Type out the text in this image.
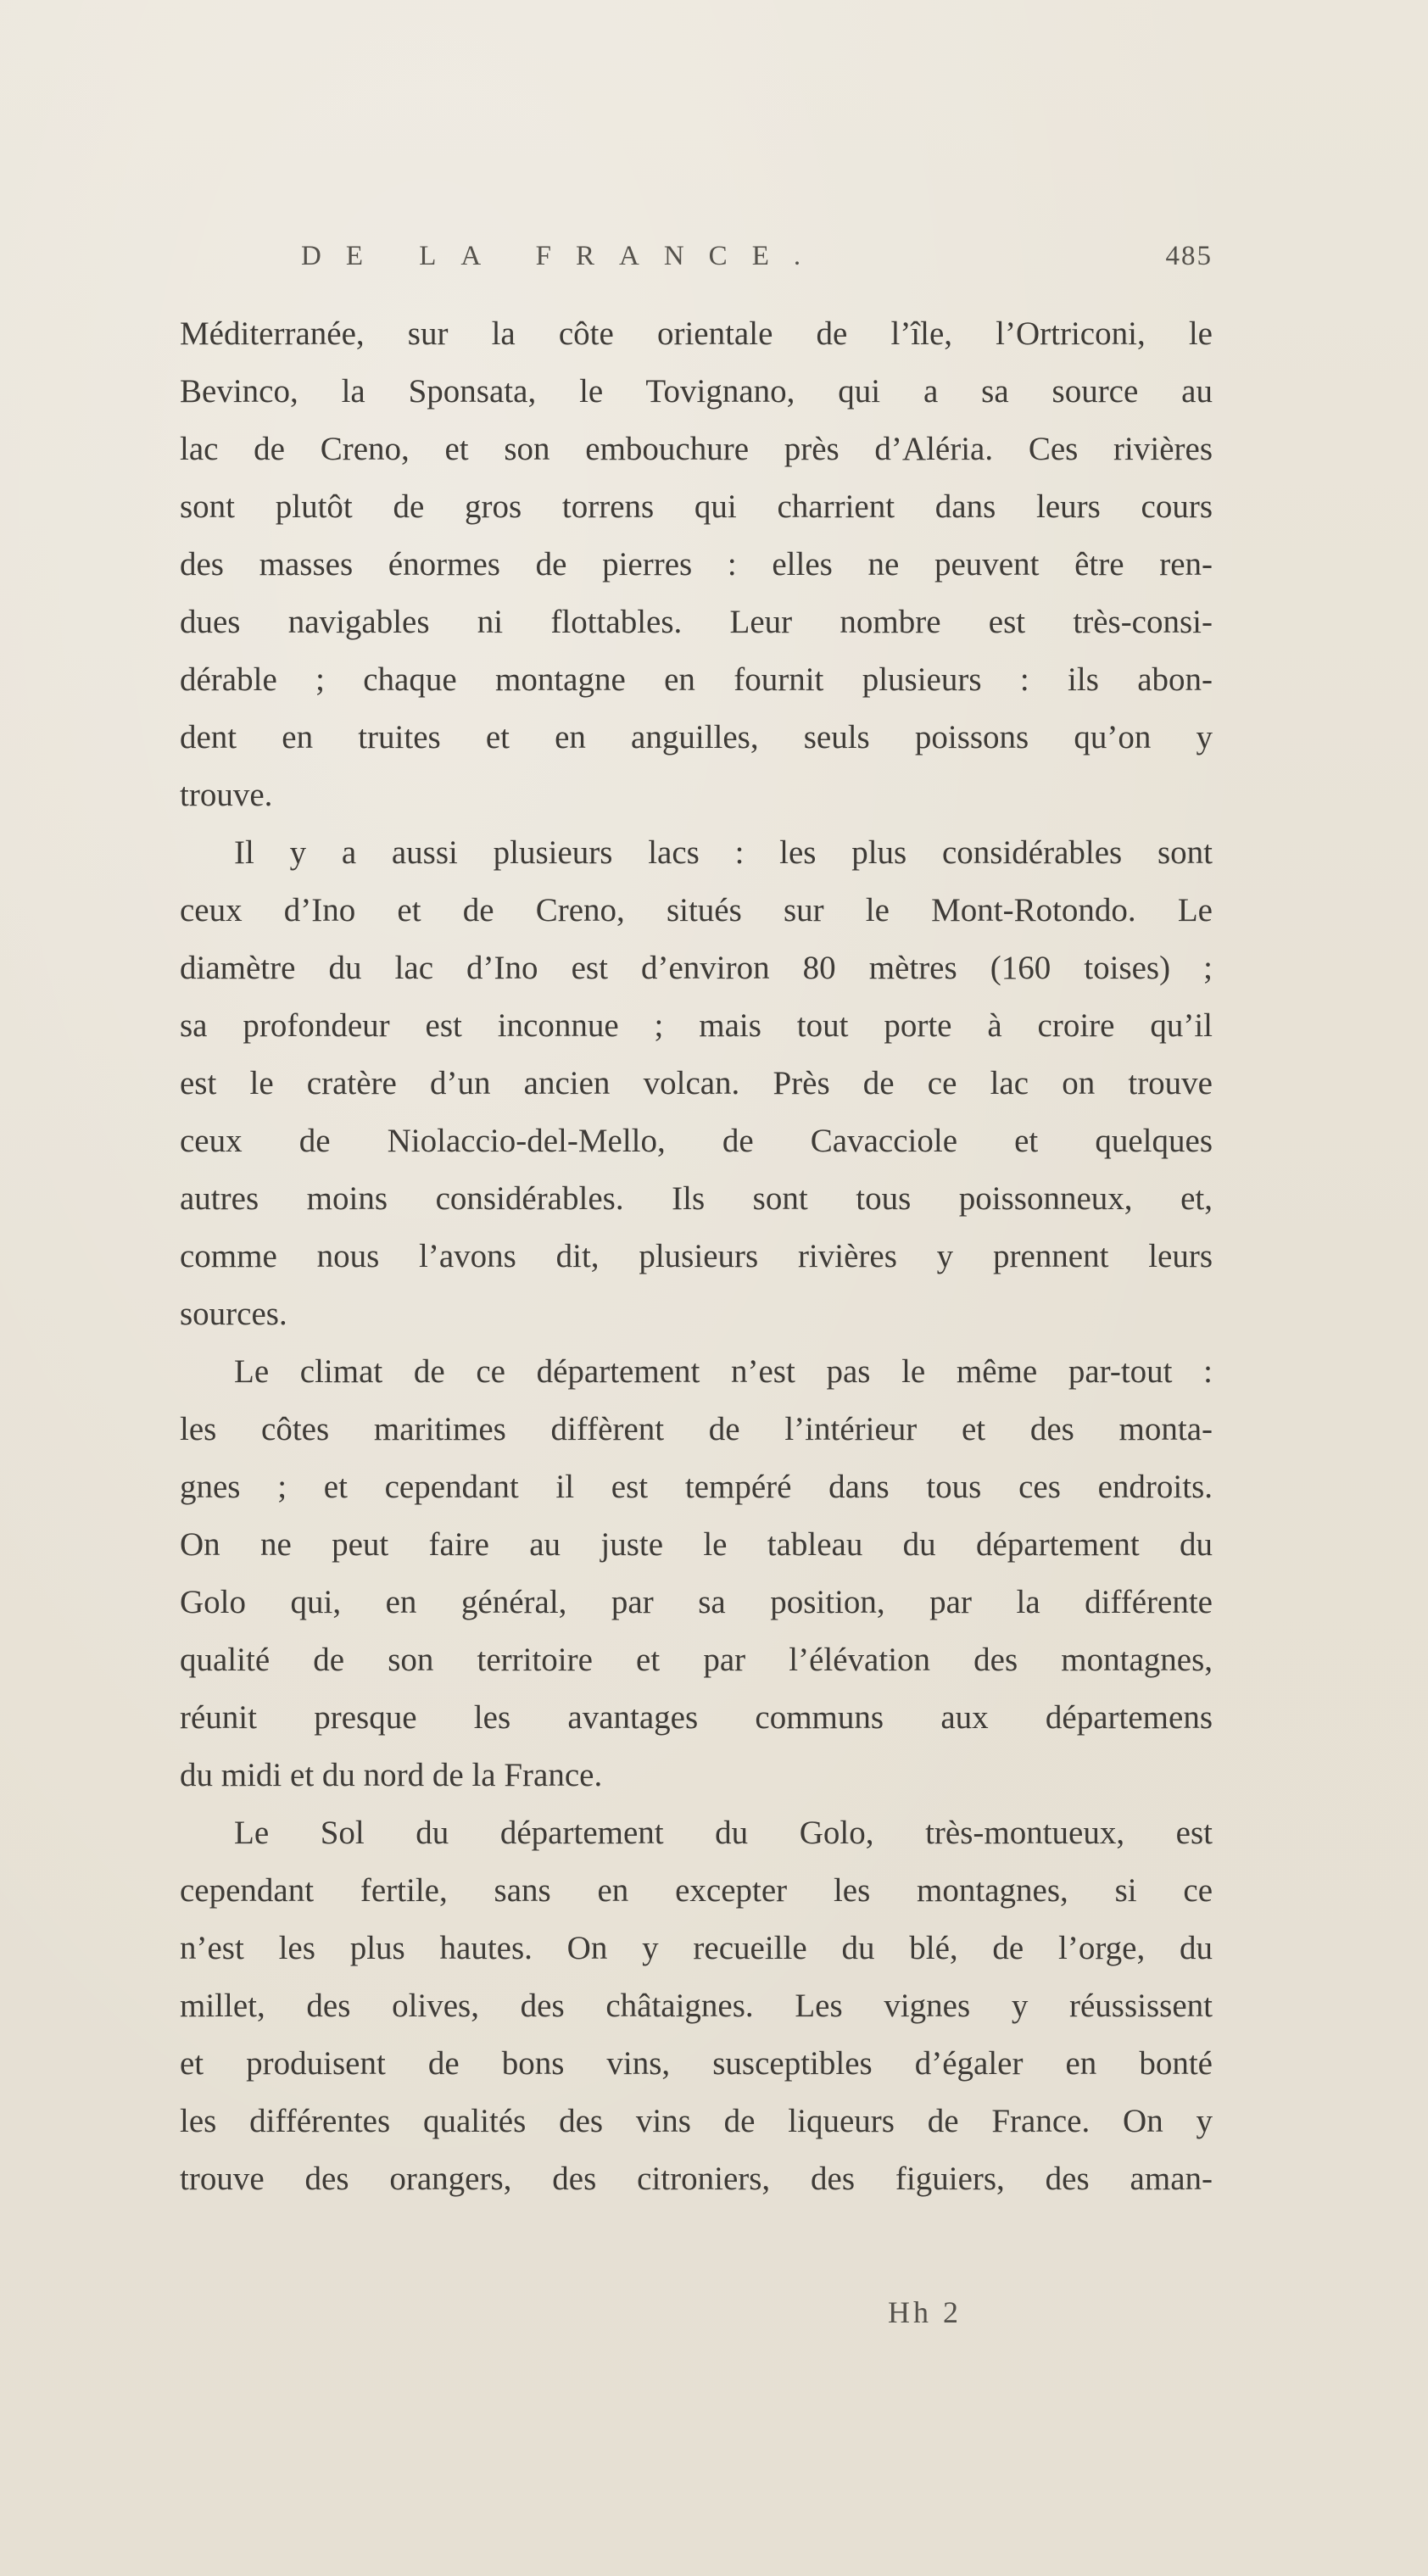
DE LA FRANCE.	485
Méditerranée, sur la côte orientale de l’île, l’Ortriconi, le
Bevinco, la Sponsata, le Tovignano, qui a sa source au
lac de Creno, et son embouchure près d’Aléria. Ces rivières
sont plutôt de gros torrens qui charrient dans leurs cours
des masses énormes de pierres : elles ne peuvent être ren-
dues navigables ni flottables. Leur nombre est très-consi-
dérable ; chaque montagne en fournit plusieurs : ils abon-
dent en truites et en anguilles, seuls poissons qu’on y
trouve.
Il y a aussi plusieurs lacs : les plus considérables sont
ceux d’Ino et de Creno, situés sur le Mont-Rotondo. Le
diamètre du lac d’Ino est d’environ 80 mètres (160 toises) ;
sa profondeur est inconnue ; mais tout porte à croire qu’il
est le cratère d’un ancien volcan. Près de ce lac on trouve
ceux de Niolaccio-del-Mello, de Cavacciole et quelques
autres moins considérables. Ils sont tous poissonneux, et,
comme nous l’avons dit, plusieurs rivières y prennent leurs
sources.
Le climat de ce département n’est pas le même par-tout :
les côtes maritimes diffèrent de l’intérieur et des monta-
gnes ; et cependant il est tempéré dans tous ces endroits.
On ne peut faire au juste le tableau du département du
Golo qui, en général, par sa position, par la différente
qualité de son territoire et par l’élévation des montagnes,
réunit presque les avantages communs aux départemens
du midi et du nord de la France.
Le Sol du département du Golo, très-montueux, est
cependant fertile, sans en excepter les montagnes, si ce
n’est les plus hautes. On y recueille du blé, de l’orge, du
millet, des olives, des châtaignes. Les vignes y réussissent
et produisent de bons vins, susceptibles d’égaler en bonté
les différentes qualités des vins de liqueurs de France. On y
trouve des orangers, des citroniers, des figuiers, des aman-
Hh 2
